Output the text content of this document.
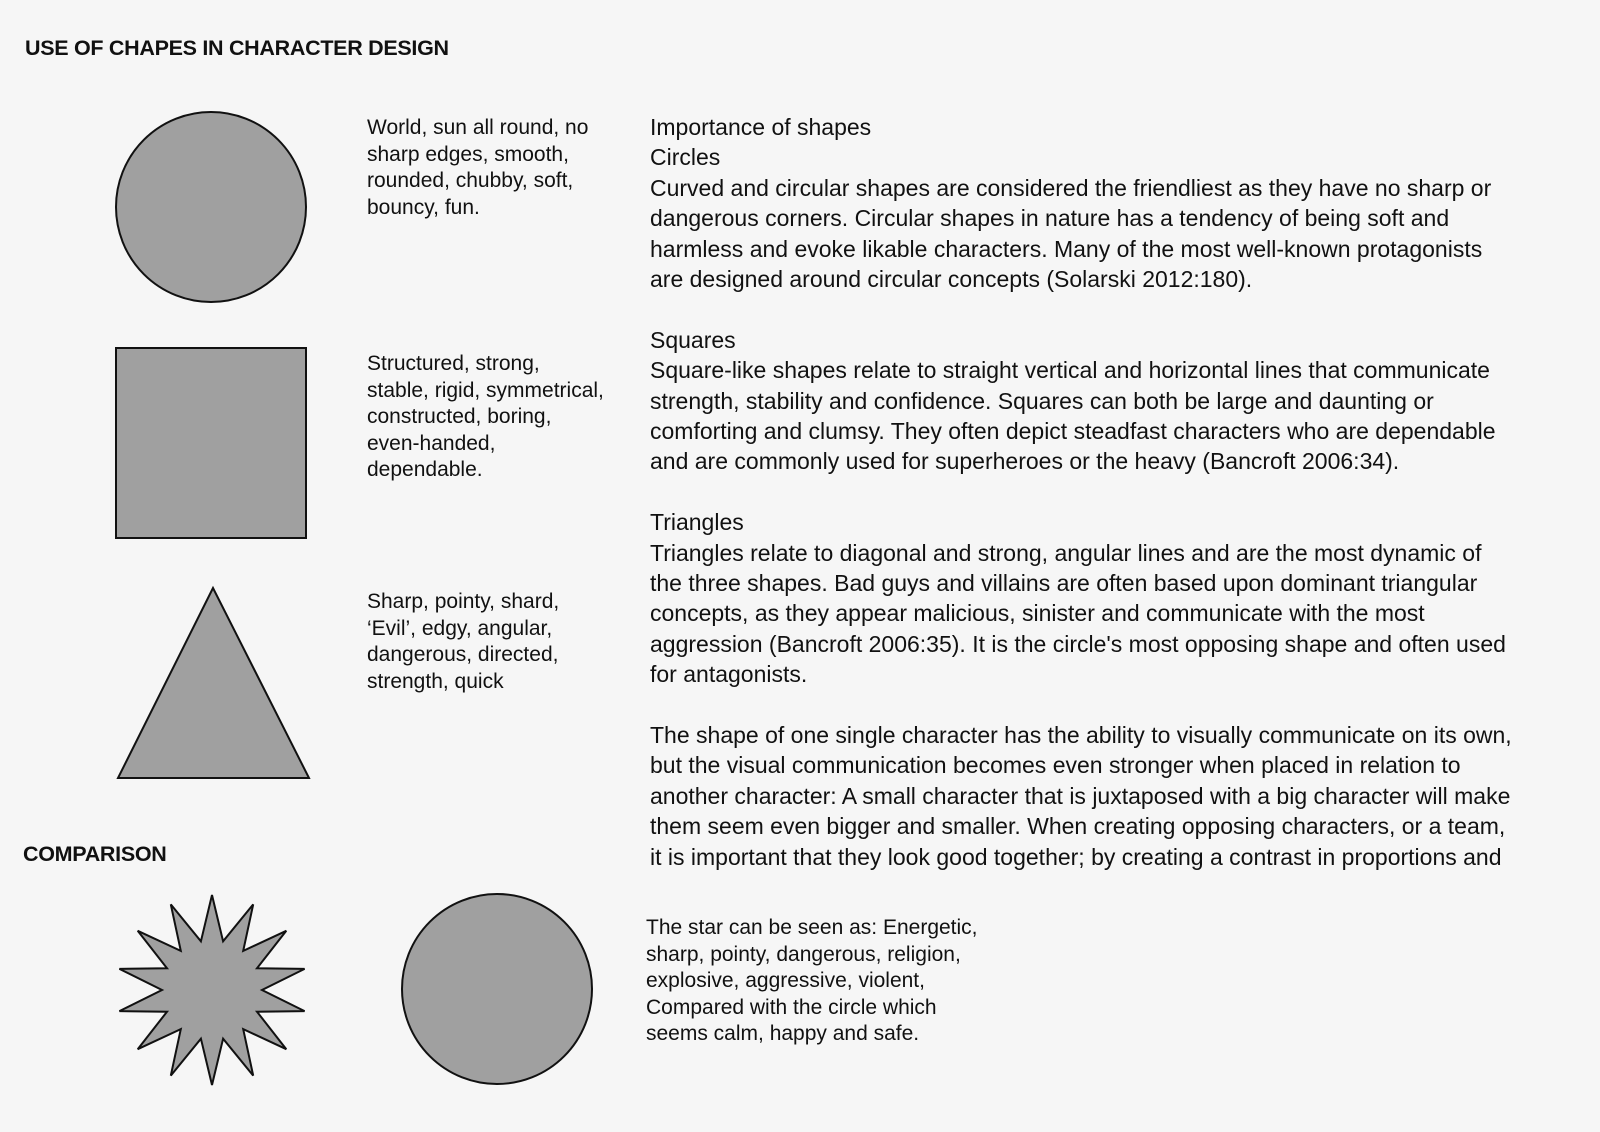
USE OF CHAPES IN CHARACTER DESIGN
World, sun all round, no
sharp edges, smooth,
rounded, chubby, soft,
bouncy, fun.
Structured, strong,
stable, rigid, symmetrical,
constructed, boring,
even-handed,
dependable.
Sharp, pointy, shard,
‘Evil’, edgy, angular,
dangerous, directed,
strength, quick
Importance of shapes
Circles
Curved and circular shapes are considered the friendliest as they have no sharp or
dangerous corners. Circular shapes in nature has a tendency of being soft and
harmless and evoke likable characters. Many of the most well-known protagonists
are designed around circular concepts (Solarski 2012:180).
Squares
Square-like shapes relate to straight vertical and horizontal lines that communicate
strength, stability and confidence. Squares can both be large and daunting or
comforting and clumsy. They often depict steadfast characters who are dependable
and are commonly used for superheroes or the heavy (Bancroft 2006:34).
Triangles
Triangles relate to diagonal and strong, angular lines and are the most dynamic of
the three shapes. Bad guys and villains are often based upon dominant triangular
concepts, as they appear malicious, sinister and communicate with the most
aggression (Bancroft 2006:35). It is the circle's most opposing shape and often used
for antagonists.
The shape of one single character has the ability to visually communicate on its own,
but the visual communication becomes even stronger when placed in relation to
another character: A small character that is juxtaposed with a big character will make
them seem even bigger and smaller. When creating opposing characters, or a team,
it is important that they look good together; by creating a contrast in proportions and
COMPARISON
The star can be seen as: Energetic,
sharp, pointy, dangerous, religion,
explosive, aggressive, violent,
Compared with the circle which
seems calm, happy and safe.
